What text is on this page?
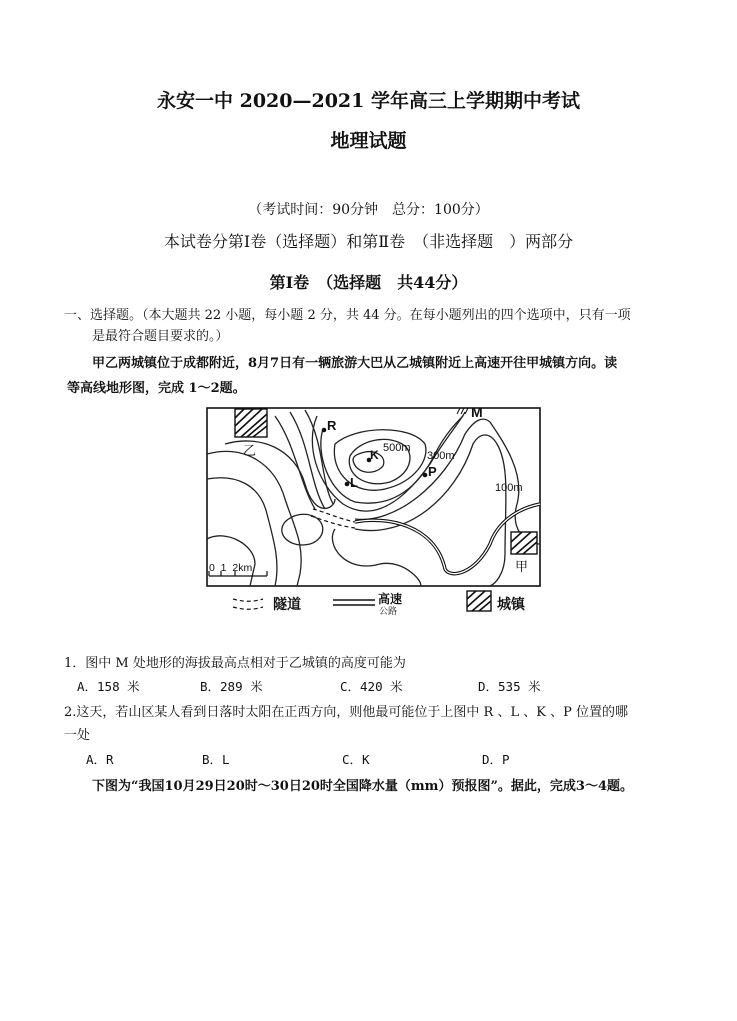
永安一中 2020—2021 学年高三上学期期中考试
地理试题
（考试时间：90分钟　总分：100分）
本试卷分第Ⅰ卷（选择题）和第Ⅱ卷　（非选择题　）两部分
第Ⅰ卷　（选择题　共44分）
一、选择题。（本大题共 22 小题，每小题 2 分，共 44 分。在每小题列出的四个选项中，只有一项
是最符合题目要求的。）
甲乙两城镇位于成都附近，8月7日有一辆旅游大巴从乙城镇附近上高速开往甲城镇方向。读
等高线地形图，完成 1～2题。
乙
甲
R
K
L
P
M
500m
300m
100m
0  1  2km
隧道	高速
公路	城镇
1．图中 M 处地形的海拔最高点相对于乙城镇的高度可能为
A．158 米	B．289 米	C．420 米	D．535 米
2.这天，若山区某人看到日落时太阳在正西方向，则他最可能位于上图中 R 、L 、K 、P 位置的哪
一处
A．R	B．L	C．K	D．P
下图为“我国10月29日20时～30日20时全国降水量（mm）预报图”。据此，完成3～4题。
